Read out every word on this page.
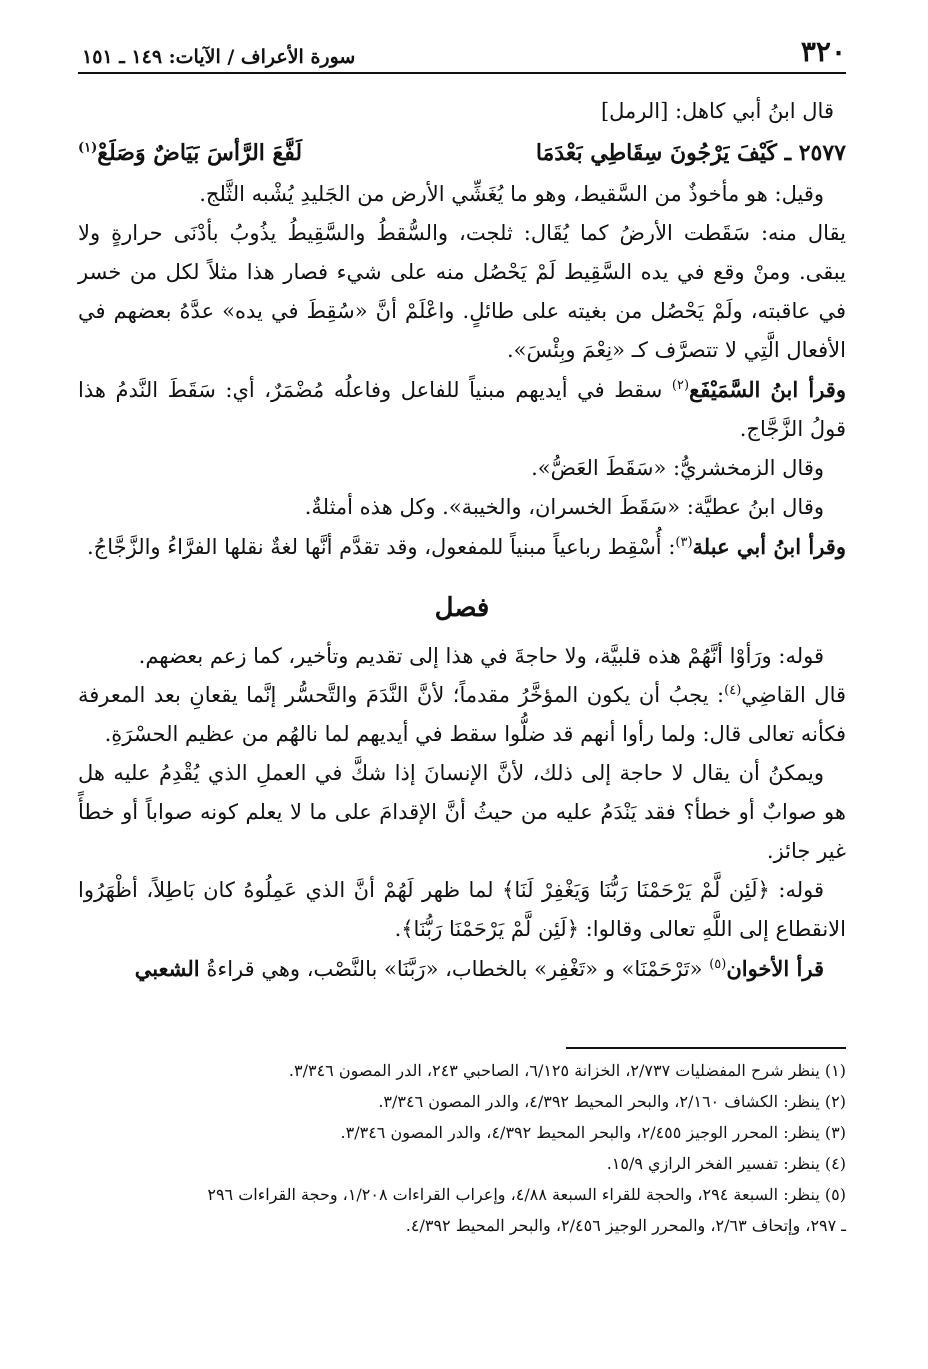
٣٢٠
سورة الأعراف / الآيات: ١٤٩ ـ ١٥١

قال ابنُ أبي كاهل: [الرمل]

٢٥٧٧ ـ كَيْفَ يَرْجُونَ سِقَاطِي بَعْدَمَا
لَفَّعَ الرَّأسَ بَيَاضٌ وَصَلَعْ$^{(١)}$

وقيل: هو مأخوذٌ من السَّقيط، وهو ما يُغَشِّي الأرض من الجَليدِ يُشْبه الثَّلج.

يقال منه: سَقَطت الأرضُ كما يُقَال: ثلجت، والسُّقطُ والسَّقِيطُ يذُوبُ بأدْنَى حرارةٍ ولا يبقى. ومنْ وقع في يده السَّقِيط لَمْ يَحْصُل منه على شيء فصار هذا مثلاً لكل من خسر في عاقبته، ولَمْ يَحْصُل من بغيته على طائلٍ. واعْلَمْ أنَّ «سُقِطَ في يده» عدَّهُ بعضهم في الأفعال الَّتِي لا تتصرَّف كـ «نِعْمَ وبِئْسَ».

وقرأ ابنُ السَّمَيْفَع$^{(٢)}$ سقط في أيديهم مبنياً للفاعل وفاعلُه مُضْمَرٌ، أي: سَقَطَ النَّدمُ هذا قولُ الزَّجَّاج.

وقال الزمخشريُّ: «سَقَطَ العَضُّ».

وقال ابنُ عطيَّة: «سَقَطَ الخسران، والخيبة». وكل هذه أمثلةٌ.

وقرأ ابنُ أبي عبلة$^{(٣)}$: أُسْقِط رباعياً مبنياً للمفعول، وقد تقدَّم أنَّها لغةٌ نقلها الفرَّاءُ والزَّجَّاجُ.

فصل

قوله: ورَأوْا أنَّهُمْ هذه قلبيَّة، ولا حاجةَ في هذا إلى تقديم وتأخير، كما زعم بعضهم.

قال القاضِي$^{(٤)}$: يجبُ أن يكون المؤخَّرُ مقدماً؛ لأنَّ النَّدَمَ والتَّحسُّر إنَّما يقعانِ بعد المعرفة فكأنه تعالى قال: ولما رأوا أنهم قد ضلُّوا سقط في أيديهم لما نالهُم من عظيم الحسْرَةِ.

ويمكنُ أن يقال لا حاجة إلى ذلك، لأنَّ الإنسانَ إذا شكَّ في العملِ الذي يُقْدِمُ عليه هل هو صوابٌ أو خطأ؟ فقد يَنْدَمُ عليه من حيثُ أنَّ الإقدامَ على ما لا يعلم كونه صواباً أو خطأً غير جائز.

قوله: ﴿لَئِن لَّمْ يَرْحَمْنَا رَبُّنَا وَيَغْفِرْ لَنَا﴾ لما ظهر لَهُمْ أنَّ الذي عَمِلُوهُ كان بَاطِلاً، أظْهَرُوا الانقطاع إلى اللَّهِ تعالى وقالوا: ﴿لَئِن لَّمْ يَرْحَمْنَا رَبُّنَا﴾.

قرأ الأخوان$^{(٥)}$ «تَرْحَمْنَا» و «تَغْفِر» بالخطاب، «رَبَّنَا» بالنَّصْب، وهي قراءةُ الشعبي

(١) ينظر شرح المفضليات ٢/٧٣٧، الخزانة ٦/١٢٥، الصاحبي ٢٤٣، الدر المصون ٣/٣٤٦.

(٢) ينظر: الكشاف ٢/١٦٠، والبحر المحيط ٤/٣٩٢، والدر المصون ٣/٣٤٦.

(٣) ينظر: المحرر الوجيز ٢/٤٥٥، والبحر المحيط ٤/٣٩٢، والدر المصون ٣/٣٤٦.

(٤) ينظر: تفسير الفخر الرازي ١٥/٩.

(٥) ينظر: السبعة ٢٩٤، والحجة للقراء السبعة ٤/٨٨، وإعراب القراءات ١/٢٠٨، وحجة القراءات ٢٩٦

ـ ٢٩٧، وإتحاف ٢/٦٣، والمحرر الوجيز ٢/٤٥٦، والبحر المحيط ٤/٣٩٢.
